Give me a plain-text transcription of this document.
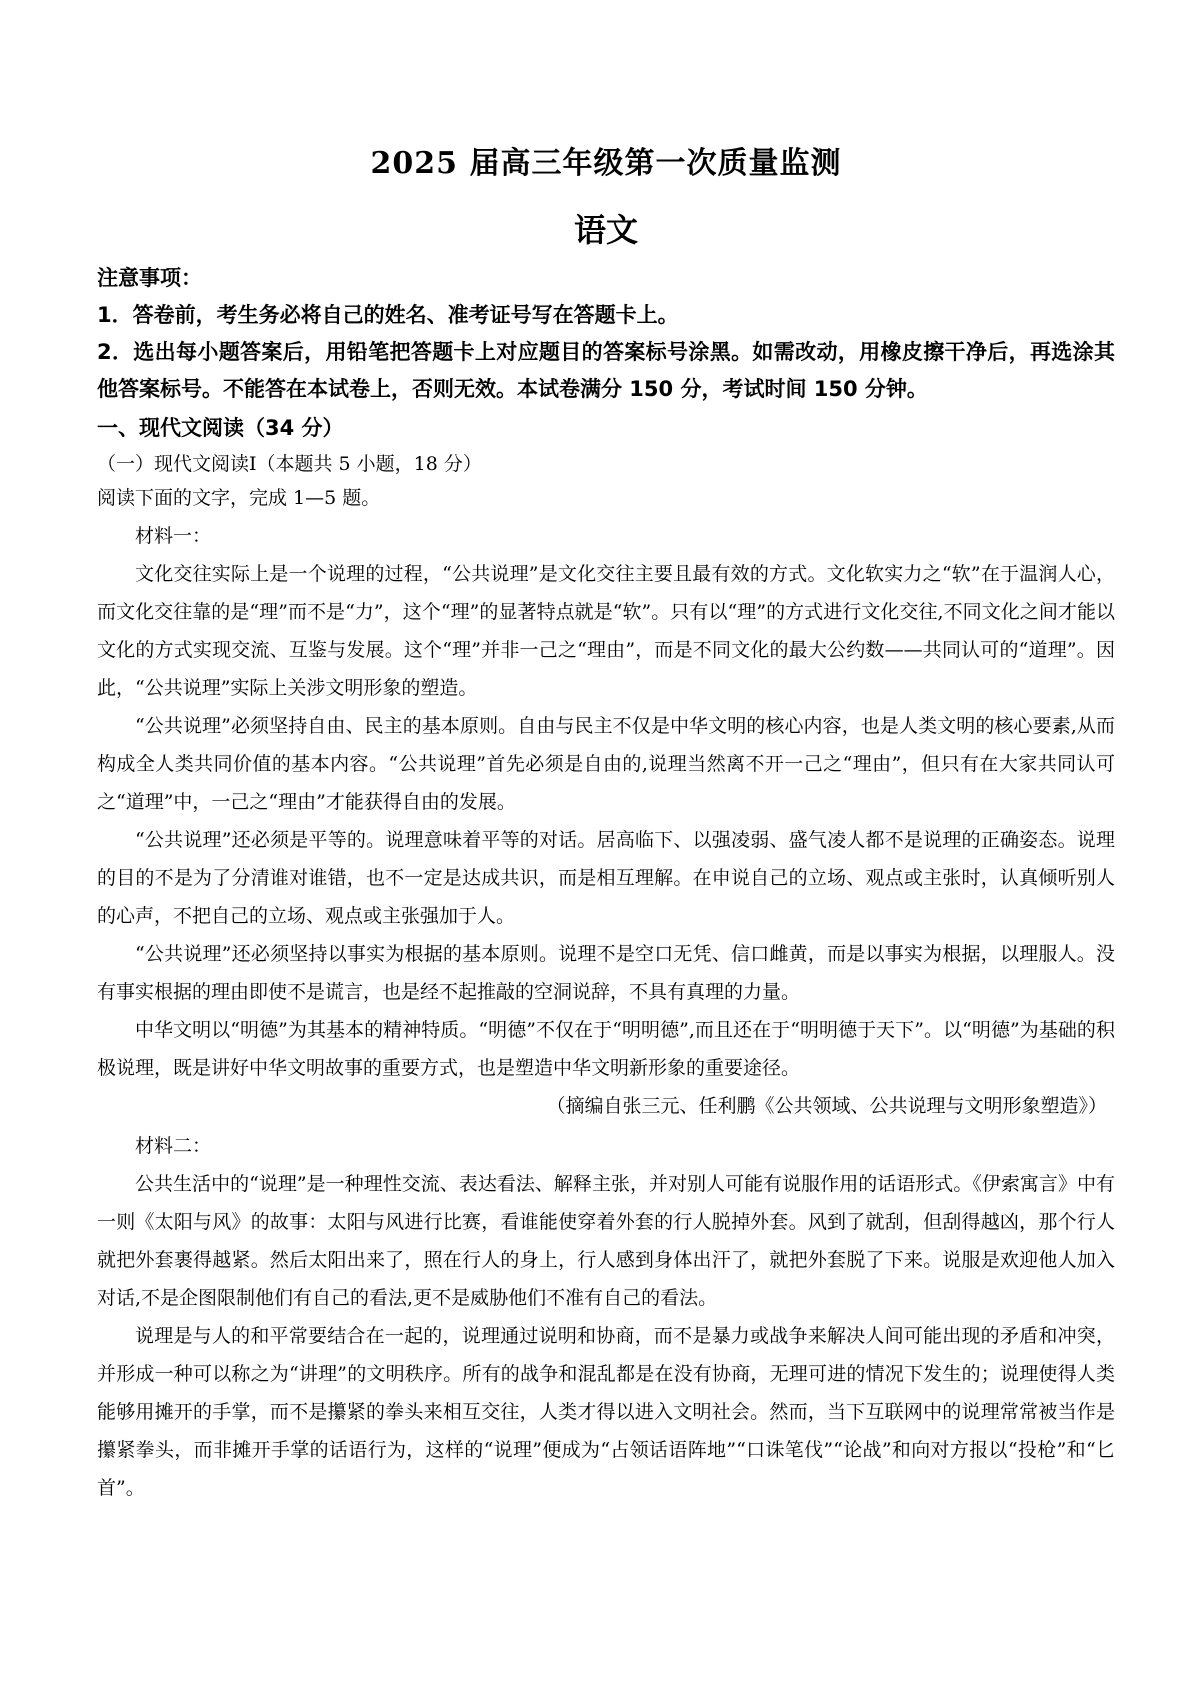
2025 届高三年级第一次质量监测
语文

注意事项：

1．答卷前，考生务必将自己的姓名、准考证号写在答题卡上。

2．选出每小题答案后，用铅笔把答题卡上对应题目的答案标号涂黑。如需改动，用橡皮擦干净后，再选涂其他答案标号。不能答在本试卷上，否则无效。本试卷满分 150 分，考试时间 150 分钟。

一、现代文阅读（34 分）

（一）现代文阅读Ⅰ（本题共 5 小题，18 分）

阅读下面的文字，完成 1—5 题。

材料一：

文化交往实际上是一个说理的过程，“公共说理”是文化交往主要且最有效的方式。文化软实力之“软”在于温润人心，而文化交往靠的是“理”而不是“力”，这个“理”的显著特点就是“软”。只有以“理”的方式进行文化交往,不同文化之间才能以文化的方式实现交流、互鉴与发展。这个“理”并非一己之“理由”，而是不同文化的最大公约数——共同认可的“道理”。因此，“公共说理”实际上关涉文明形象的塑造。

“公共说理”必须坚持自由、民主的基本原则。自由与民主不仅是中华文明的核心内容，也是人类文明的核心要素,从而构成全人类共同价值的基本内容。“公共说理”首先必须是自由的,说理当然离不开一己之“理由”，但只有在大家共同认可之“道理”中，一己之“理由”才能获得自由的发展。

“公共说理”还必须是平等的。说理意味着平等的对话。居高临下、以强凌弱、盛气凌人都不是说理的正确姿态。说理的目的不是为了分清谁对谁错，也不一定是达成共识，而是相互理解。在申说自己的立场、观点或主张时，认真倾听别人的心声，不把自己的立场、观点或主张强加于人。

“公共说理”还必须坚持以事实为根据的基本原则。说理不是空口无凭、信口雌黄，而是以事实为根据，以理服人。没有事实根据的理由即使不是谎言，也是经不起推敲的空洞说辞，不具有真理的力量。

中华文明以“明德”为其基本的精神特质。“明德”不仅在于“明明德”,而且还在于“明明德于天下”。以“明德”为基础的积极说理，既是讲好中华文明故事的重要方式，也是塑造中华文明新形象的重要途径。

（摘编自张三元、任利鹏《公共领域、公共说理与文明形象塑造》）

材料二：

公共生活中的“说理”是一种理性交流、表达看法、解释主张，并对别人可能有说服作用的话语形式。《伊索寓言》中有一则《太阳与风》的故事：太阳与风进行比赛，看谁能使穿着外套的行人脱掉外套。风到了就刮，但刮得越凶，那个行人就把外套裹得越紧。然后太阳出来了，照在行人的身上，行人感到身体出汗了，就把外套脱了下来。说服是欢迎他人加入对话,不是企图限制他们有自己的看法,更不是威胁他们不准有自己的看法。

说理是与人的和平常要结合在一起的，说理通过说明和协商，而不是暴力或战争来解决人间可能出现的矛盾和冲突，并形成一种可以称之为“讲理”的文明秩序。所有的战争和混乱都是在没有协商，无理可进的情况下发生的；说理使得人类能够用摊开的手掌，而不是攥紧的拳头来相互交往，人类才得以进入文明社会。然而，当下互联网中的说理常常被当作是攥紧拳头，而非摊开手掌的话语行为，这样的“说理”便成为“占领话语阵地”“口诛笔伐”“论战”和向对方报以“投枪”和“匕首”。
